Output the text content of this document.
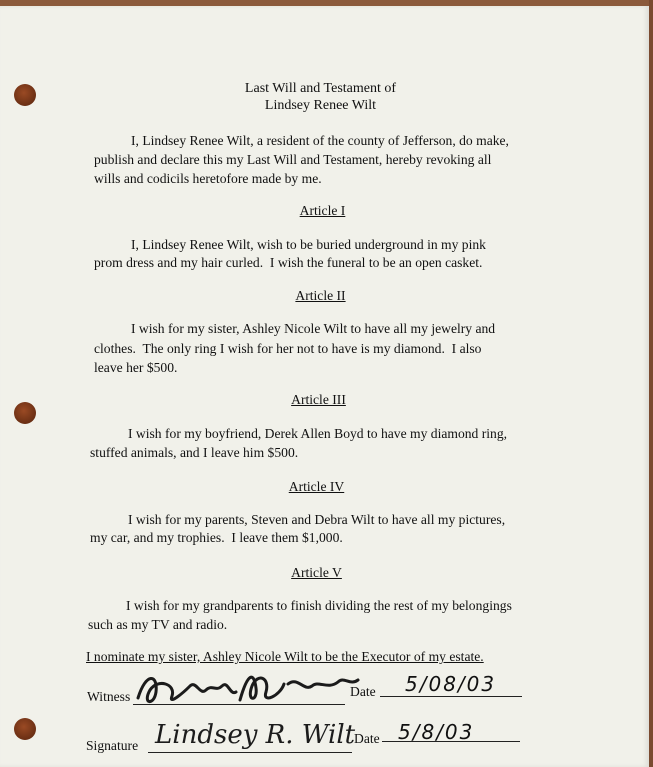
Last Will and Testament of
Lindsey Renee Wilt
I, Lindsey Renee Wilt, a resident of the county of Jefferson, do make,
publish and declare this my Last Will and Testament, hereby revoking all
wills and codicils heretofore made by me.
Article I
I, Lindsey Renee Wilt, wish to be buried underground in my pink
prom dress and my hair curled.  I wish the funeral to be an open casket.
Article II
I wish for my sister, Ashley Nicole Wilt to have all my jewelry and
clothes.  The only ring I wish for her not to have is my diamond.  I also
leave her $500.
Article III
I wish for my boyfriend, Derek Allen Boyd to have my diamond ring,
stuffed animals, and I leave him $500.
Article IV
I wish for my parents, Steven and Debra Wilt to have all my pictures,
my car, and my trophies.  I leave them $1,000.
Article V
I wish for my grandparents to finish dividing the rest of my belongings
such as my TV and radio.
I nominate my sister, Ashley Nicole Wilt to be the Executor of my estate.
Witness	Date 5/08/03
Signature	Date
Lindsey R. Wilt 5/8/03
